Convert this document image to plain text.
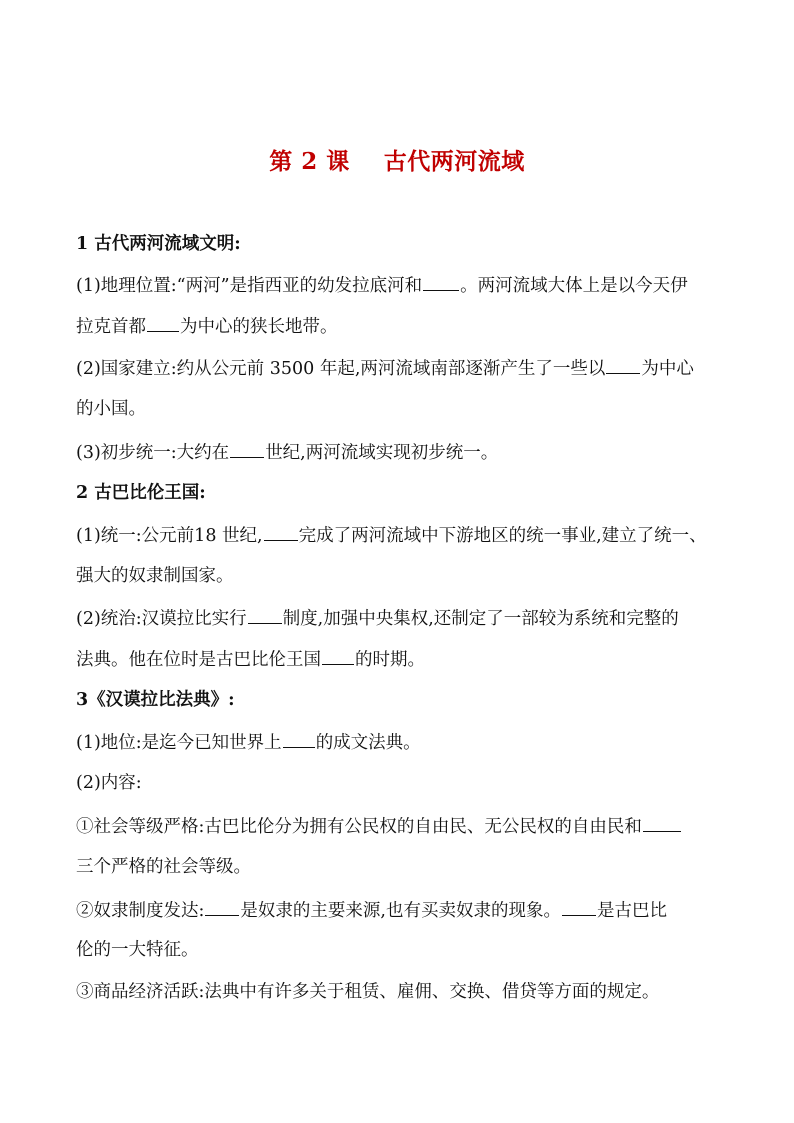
第 2 课    古代两河流域
1 古代两河流域文明:
(1)地理位置:“两河”是指西亚的幼发拉底河和 。两河流域大体上是以今天伊
拉克首都 为中心的狭长地带。
(2)国家建立:约从公元前 3500 年起,两河流域南部逐渐产生了一些以 为中心
的小国。
(3)初步统一:大约在 世纪,两河流域实现初步统一。
2 古巴比伦王国:
(1)统一:公元前18 世纪, 完成了两河流域中下游地区的统一事业,建立了统一、
强大的奴隶制国家。
(2)统治:汉谟拉比实行 制度,加强中央集权,还制定了一部较为系统和完整的
法典。他在位时是古巴比伦王国 的时期。
3《汉谟拉比法典》:
(1)地位:是迄今已知世界上 的成文法典。
(2)内容:
①社会等级严格:古巴比伦分为拥有公民权的自由民、无公民权的自由民和
三个严格的社会等级。
②奴隶制度发达: 是奴隶的主要来源,也有买卖奴隶的现象。 是古巴比
伦的一大特征。
③商品经济活跃:法典中有许多关于租赁、雇佣、交换、借贷等方面的规定。
